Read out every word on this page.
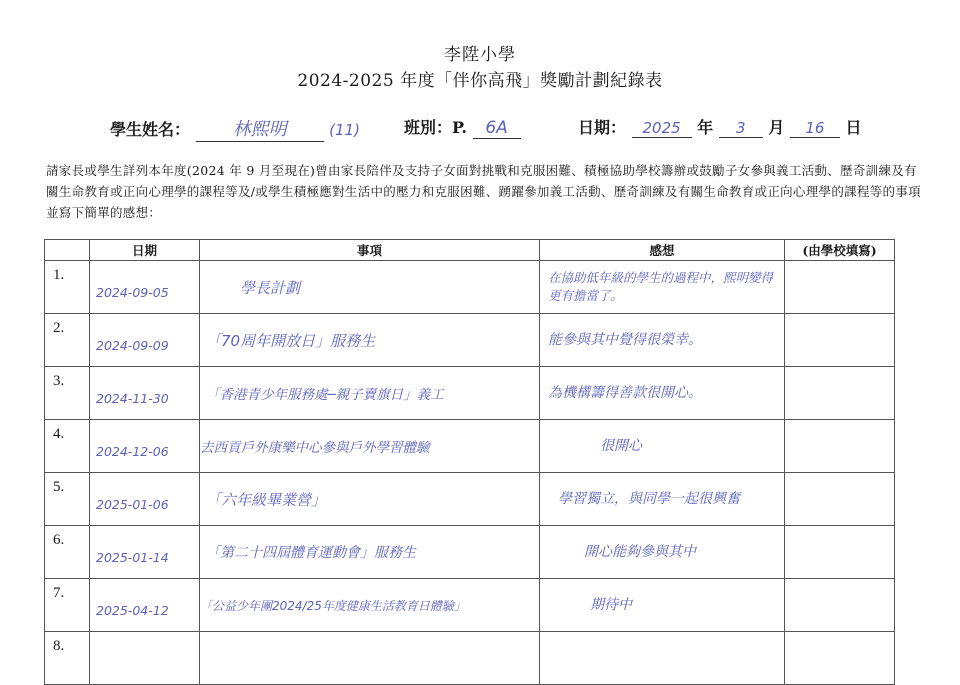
李陞小學
2024-2025 年度「伴你高飛」獎勵計劃紀錄表
學生姓名： 林熙明	(11)	班別：P. 6A	日期： 2025 年 3 月 16 日
請家長或學生詳列本年度(2024 年 9 月至現在)曾由家長陪伴及支持子女面對挑戰和克服困難、積極協助學校籌辦或鼓勵子女參與義工活動、歷奇訓練及有關生命教育或正向心理學的課程等及/或學生積極應對生活中的壓力和克服困難、踴躍參加義工活動、歷奇訓練及有關生命教育或正向心理學的課程等的事項並寫下簡單的感想：
	日期	事項	感想	(由學校填寫)
1.	2024-09-05	學長計劃	在協助低年級的學生的過程中，熙明變得更有擔當了。	

2.	2024-09-09	「70周年開放日」服務生	能參與其中覺得很榮幸。	

3.	2024-11-30	「香港青少年服務處─親子賣旗日」義工	為機構籌得善款很開心。	

4.	2024-12-06	去西貢戶外康樂中心參與戶外學習體驗	很開心	

5.	2025-01-06	「六年級畢業營」	學習獨立，與同學一起很興奮	

6.	2025-01-14	「第二十四屆體育運動會」服務生	開心能夠參與其中	

7.	2025-04-12	「公益少年團2024/25年度健康生活教育日體驗」	期待中	

8.	
